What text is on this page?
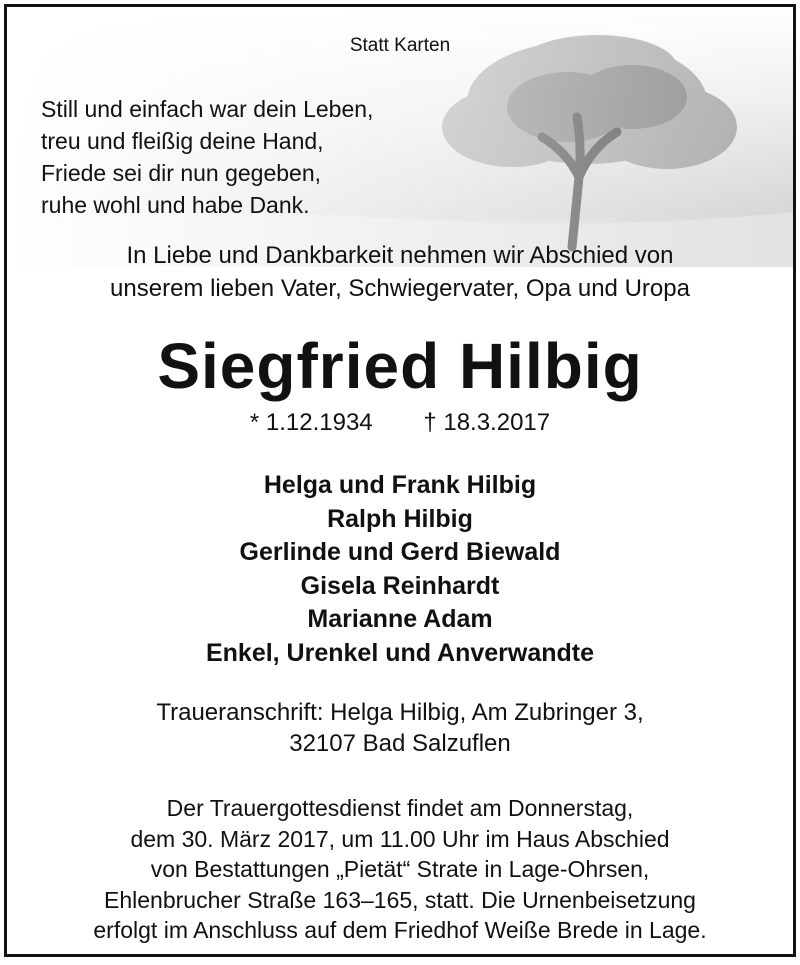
Statt Karten
Still und einfach war dein Leben,
treu und fleißig deine Hand,
Friede sei dir nun gegeben,
ruhe wohl und habe Dank.
In Liebe und Dankbarkeit nehmen wir Abschied von
unserem lieben Vater, Schwiegervater, Opa und Uropa
Siegfried Hilbig
* 1.12.1934 † 18.3.2017
Helga und Frank Hilbig
Ralph Hilbig
Gerlinde und Gerd Biewald
Gisela Reinhardt
Marianne Adam
Enkel, Urenkel und Anverwandte
Traueranschrift: Helga Hilbig, Am Zubringer 3,
32107 Bad Salzuflen
Der Trauergottesdienst findet am Donnerstag,
dem 30. März 2017, um 11.00 Uhr im Haus Abschied
von Bestattungen „Pietät“ Strate in Lage-Ohrsen,
Ehlenbrucher Straße 163–165, statt. Die Urnenbeisetzung
erfolgt im Anschluss auf dem Friedhof Weiße Brede in Lage.
